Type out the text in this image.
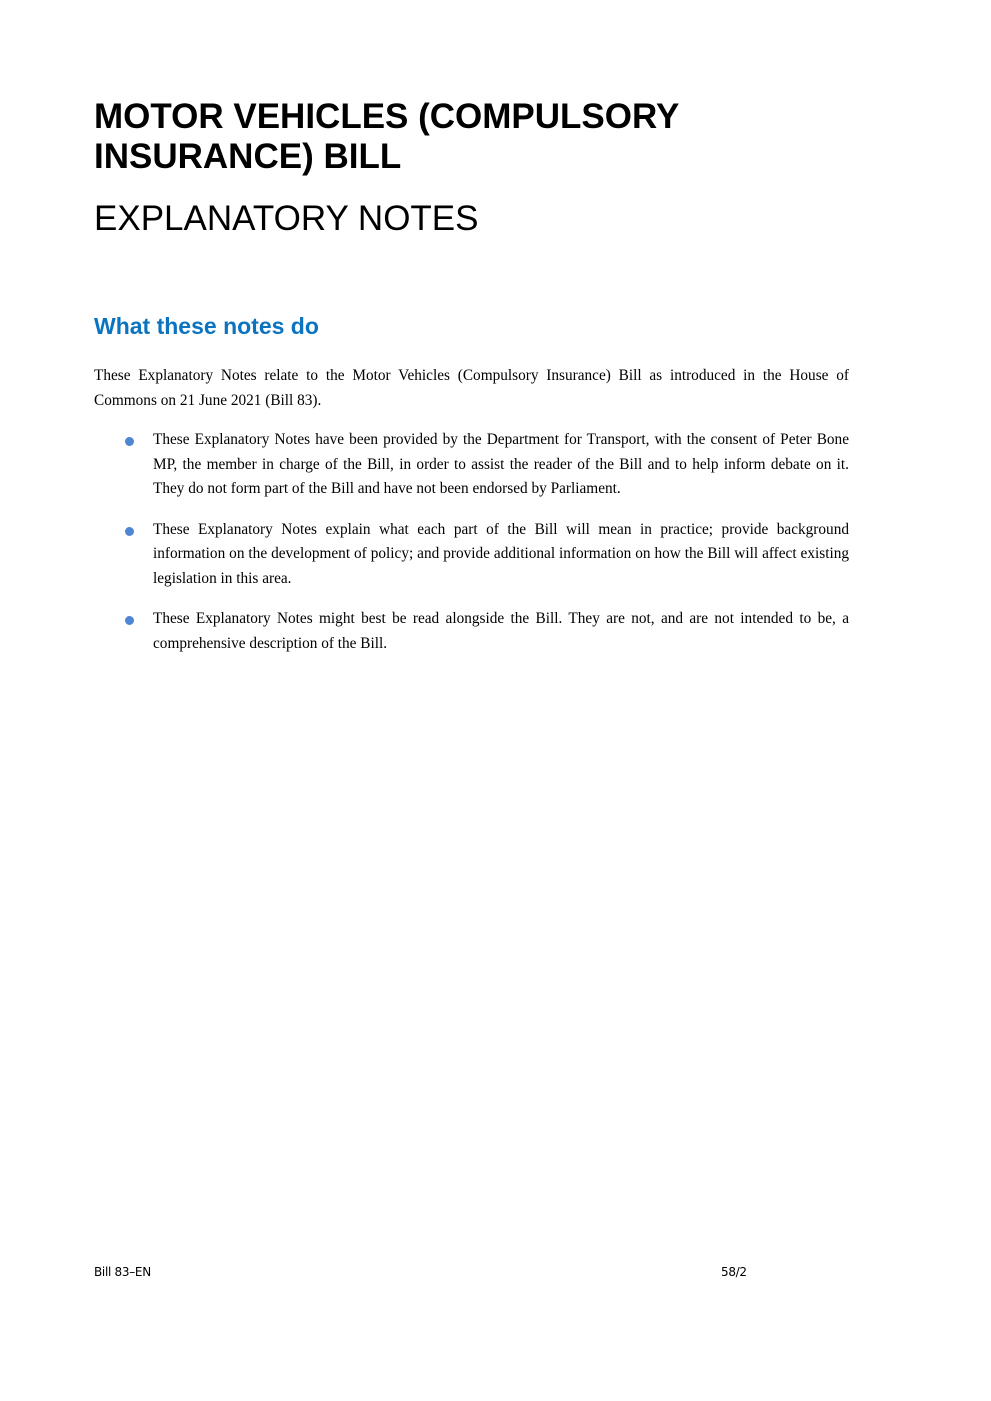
MOTOR VEHICLES (COMPULSORY INSURANCE) BILL
EXPLANATORY NOTES
What these notes do

These Explanatory Notes relate to the Motor Vehicles (Compulsory Insurance) Bill as introduced in the House of Commons on 21 June 2021 (Bill 83).

These Explanatory Notes have been provided by the Department for Transport, with the consent of Peter Bone MP, the member in charge of the Bill, in order to assist the reader of the Bill and to help inform debate on it. They do not form part of the Bill and have not been endorsed by Parliament.
These Explanatory Notes explain what each part of the Bill will mean in practice; provide background information on the development of policy; and provide additional information on how the Bill will affect existing legislation in this area.
These Explanatory Notes might best be read alongside the Bill. They are not, and are not intended to be, a comprehensive description of the Bill.
Bill 83–EN	58/2
